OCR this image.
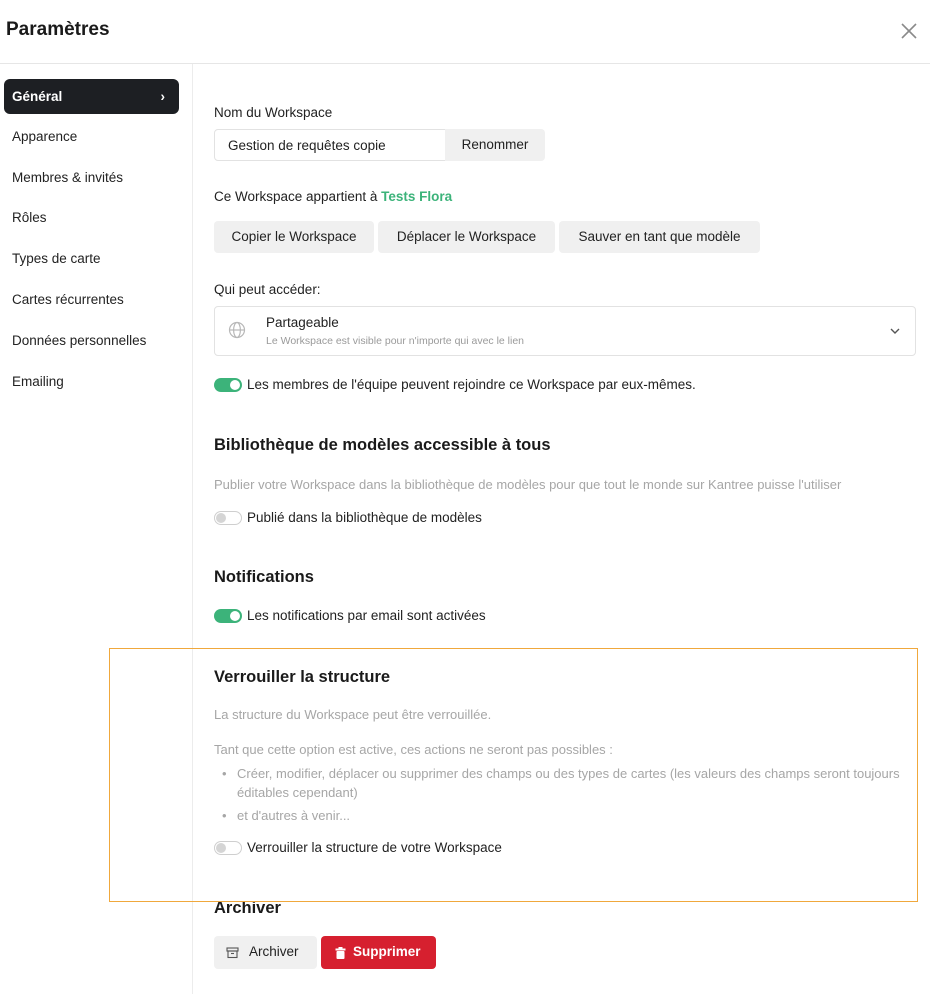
Paramètres
Général	›
Apparence
Membres & invités
Rôles
Types de carte
Cartes récurrentes
Données personnelles
Emailing
Nom du Workspace
Gestion de requêtes copie
Renommer
Ce Workspace appartient à Tests Flora
Copier le Workspace	Déplacer le Workspace	Sauver en tant que modèle
Qui peut accéder:
Partageable
Le Workspace est visible pour n'importe qui avec le lien
Les membres de l'équipe peuvent rejoindre ce Workspace par eux-mêmes.
Bibliothèque de modèles accessible à tous
Publier votre Workspace dans la bibliothèque de modèles pour que tout le monde sur Kantree puisse l'utiliser
Publié dans la bibliothèque de modèles
Notifications
Les notifications par email sont activées
Verrouiller la structure
La structure du Workspace peut être verrouillée.
Tant que cette option est active, ces actions ne seront pas possibles :
• Créer, modifier, déplacer ou supprimer des champs ou des types de cartes (les valeurs des champs seront toujours éditables cependant)
• et d'autres à venir...
Verrouiller la structure de votre Workspace
Archiver
Archiver	Supprimer
